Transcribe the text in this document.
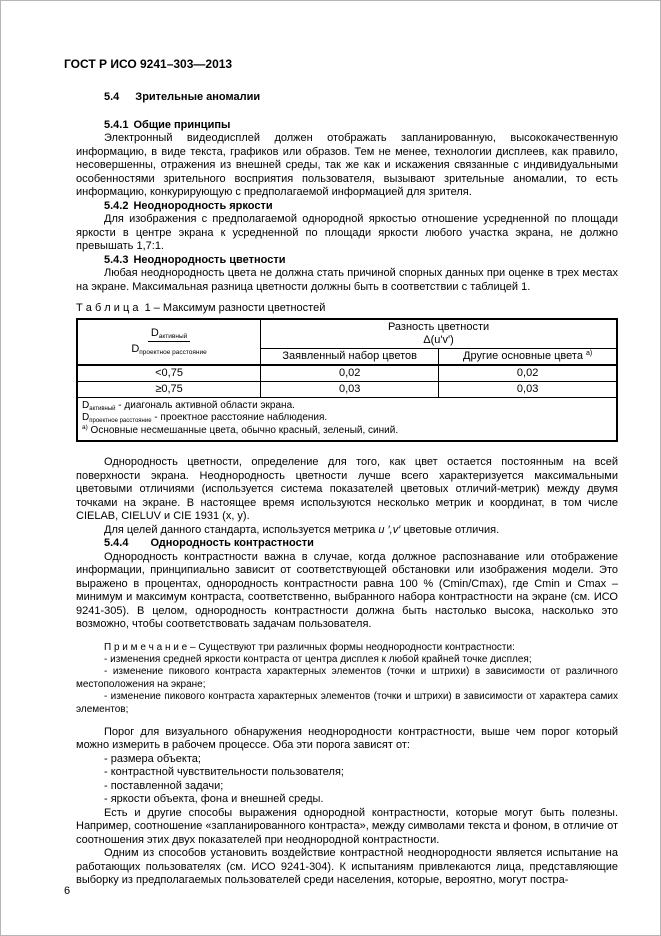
ГОСТ Р ИСО 9241–303—2013
5.4 Зрительные аномалии
5.4.1 Общие принципы

Электронный видеодисплей должен отображать запланированную, высококачественную информацию, в виде текста, графиков или образов. Тем не менее, технологии дисплеев, как правило, несовершенны, отражения из внешней среды, так же как и искажения связанные с индивидуальными особенностями зрительного восприятия пользователя, вызывают зрительные аномалии, то есть информацию, конкурирующую с предполагаемой информацией для зрителя.

5.4.2 Неоднородность яркости

Для изображения с предполагаемой однородной яркостью отношение усредненной по площади яркости в центре экрана к усредненной по площади яркости любого участка экрана, не должно превышать 1,7:1.

5.4.3 Неоднородность цветности

Любая неоднородность цвета не должна стать причиной спорных данных при оценке в трех местах на экране. Максимальная разница цветности должны быть в соответствии с таблицей 1.

Т а б л и ц а  1 – Максимум разности цветностей
$\frac{D_{активный}}{D_{проектное расстояние}}$	Разность цветности
Δ(u'v')

	Заявленный набор цветов	Другие основные цвета $^{а)}$
<0,75	0,02	0,02
≥0,75	0,03	0,03

$D_{активный}$ - диагональ активной области экрана.
$D_{проектное расстояние}$ - проектное расстояние наблюдения.
$^{а)}$ Основные несмешанные цвета, обычно красный, зеленый, синий.		

Однородность цветности, определение для того, как цвет остается постоянным на всей поверхности экрана. Неоднородность цветности лучше всего характеризуется максимальными цветовыми отличиями (используется система показателей цветовых отличий-метрик) между двумя точками на экране. В настоящее время используются несколько метрик и координат, в том числе CIELAB, CIELUV и CIE 1931 (x, y).

Для целей данного стандарта, используется метрика u ′,v′ цветовые отличия.

5.4.4 Однородность контрастности

Однородность контрастности важна в случае, когда должное распознавание или отображение информации, принципиально зависит от соответствующей обстановки или изображения модели. Это выражено в процентах, однородность контрастности равна 100 % (Cmin/Cmax), где Cmin и Cmax – минимум и максимум контраста, соответственно, выбранного набора контрастности на экране (см. ИСО 9241-305). В целом, однородность контрастности должна быть настолько высока, насколько это возможно, чтобы соответствовать задачам пользователя.

П р и м е ч а н и е – Существуют три различных формы неоднородности контрастности:

- изменения средней яркости контраста от центра дисплея к любой крайней точке дисплея;

- изменение пикового контраста характерных элементов (точки и штрихи) в зависимости от различного местоположения на экране;

- изменение пикового контраста характерных элементов (точки и штрихи) в зависимости от характера самих элементов;

Порог для визуального обнаружения неоднородности контрастности, выше чем порог который можно измерить в рабочем процессе. Оба эти порога зависят от:

- размера объекта;

- контрастной чувствительности пользователя;

- поставленной задачи;

- яркости объекта, фона и внешней среды.

Есть и другие способы выражения однородной контрастности, которые могут быть полезны. Например, соотношение «запланированного контраста», между символами текста и фоном, в отличие от соотношения этих двух показателей при неоднородной контрастности.

Одним из способов установить воздействие контрастной неоднородности является испытание на работающих пользователях (см. ИСО 9241-304). К испытаниям привлекаются лица, представляющие выборку из предполагаемых пользователей среди населения, которые, вероятно, могут постра-

6
